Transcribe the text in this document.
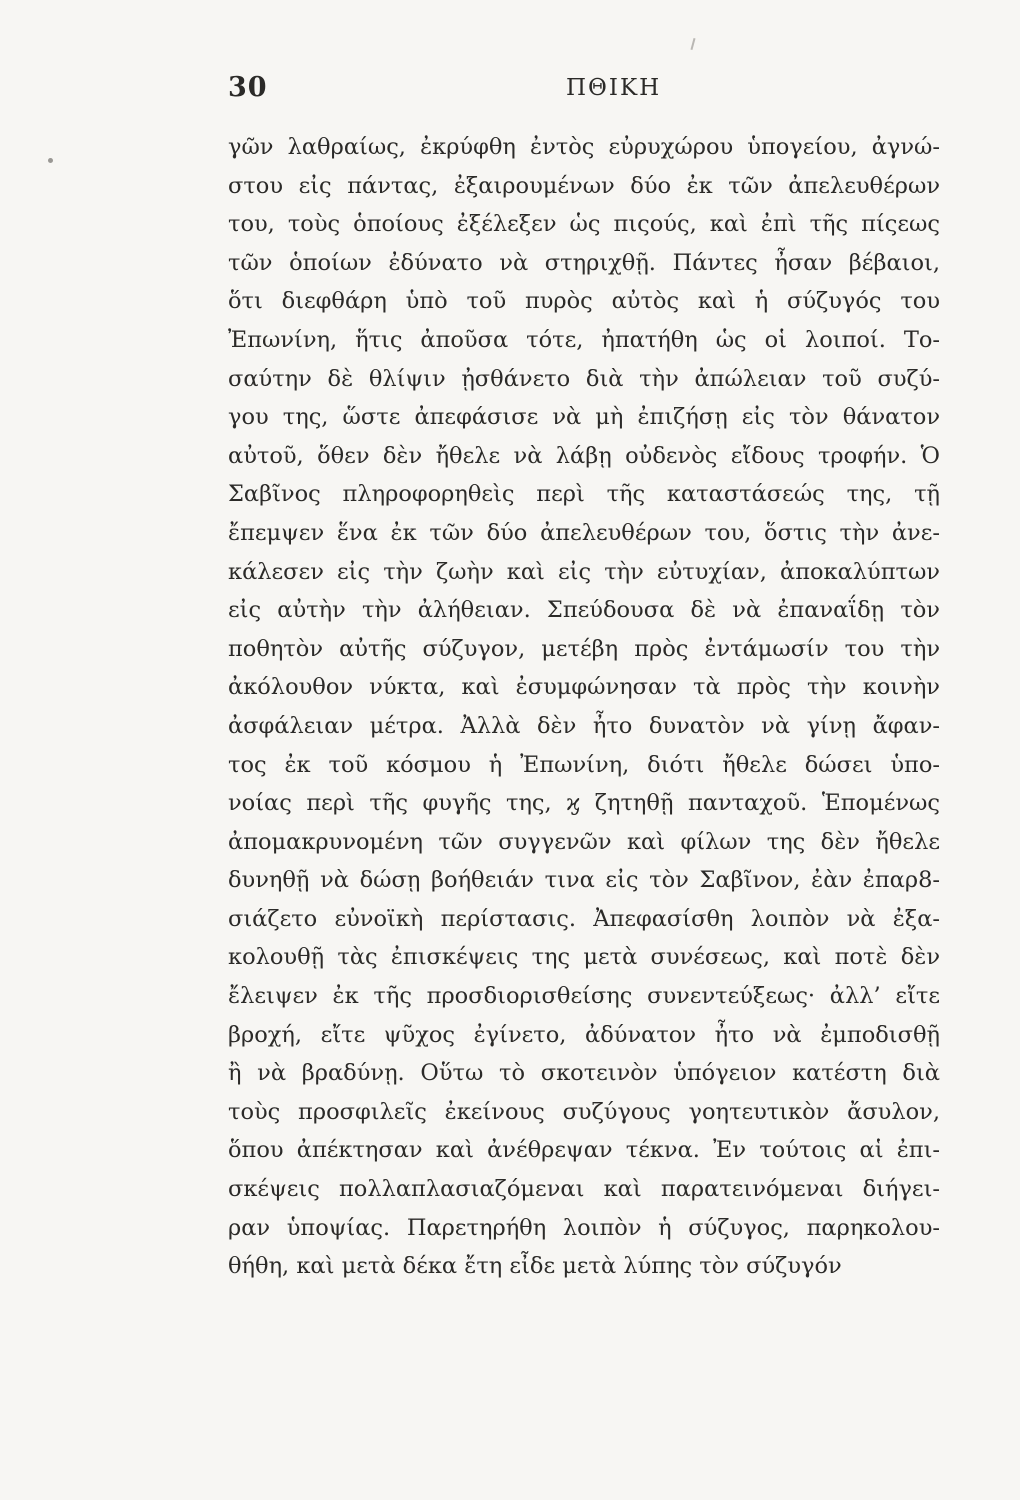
30	ΠΘΙΚΗ
γῶν λαθραίως, ἐκρύφθη ἐντὸς εὐρυχώρου ὑπογείου, ἀγνώ-
στου εἰς πάντας, ἐξαιρουμένων δύο ἐκ τῶν ἀπελευθέρων
του, τοὺς ὁποίους ἐξέλεξεν ὡς πιςούς, καὶ ἐπὶ τῆς πίςεως
τῶν ὁποίων ἐδύνατο νὰ στηριχθῇ. Πάντες ἦσαν βέβαιοι,
ὅτι διεφθάρη ὑπὸ τοῦ πυρὸς αὐτὸς καὶ ἡ σύζυγός του
Ἐπωνίνη, ἥτις ἀποῦσα τότε, ἠπατήθη ὡς οἱ λοιποί. Το-
σαύτην δὲ θλίψιν ᾐσθάνετο διὰ τὴν ἀπώλειαν τοῦ συζύ-
γου της, ὥστε ἀπεφάσισε νὰ μὴ ἐπιζήσῃ εἰς τὸν θάνατον
αὐτοῦ, ὅθεν δὲν ἤθελε νὰ λάβῃ οὐδενὸς εἴδους τροφήν. Ὁ
Σαβῖνος πληροφορηθεὶς περὶ τῆς καταστάσεώς της, τῇ
ἔπεμψεν ἕνα ἐκ τῶν δύο ἀπελευθέρων του, ὅστις τὴν ἀνε-
κάλεσεν εἰς τὴν ζωὴν καὶ εἰς τὴν εὐτυχίαν, ἀποκαλύπτων
εἰς αὐτὴν τὴν ἀλήθειαν. Σπεύδουσα δὲ νὰ ἐπαναΐδῃ τὸν
ποθητὸν αὐτῆς σύζυγον, μετέβη πρὸς ἐντάμωσίν του τὴν
ἀκόλουθον νύκτα, καὶ ἐσυμφώνησαν τὰ πρὸς τὴν κοινὴν
ἀσφάλειαν μέτρα. Ἀλλὰ δὲν ἦτο δυνατὸν νὰ γίνῃ ἄφαν-
τος ἐκ τοῦ κόσμου ἡ Ἐπωνίνη, διότι ἤθελε δώσει ὑπο-
νοίας περὶ τῆς φυγῆς της, ϗ ζητηθῇ πανταχοῦ. Ἑπομένως
ἀπομακρυνομένη τῶν συγγενῶν καὶ φίλων της δὲν ἤθελε
δυνηθῇ νὰ δώσῃ βοήθειάν τινα εἰς τὸν Σαβῖνον, ἐὰν ἐπαρ8-
σιάζετο εὐνοϊκὴ περίστασις. Ἀπεφασίσθη λοιπὸν νὰ ἐξα-
κολουθῇ τὰς ἐπισκέψεις της μετὰ συνέσεως, καὶ ποτὲ δὲν
ἔλειψεν ἐκ τῆς προσδιορισθείσης συνεντεύξεως· ἀλλ’ εἴτε
βροχή, εἴτε ψῦχος ἐγίνετο, ἀδύνατον ἦτο νὰ ἐμποδισθῇ
ἢ νὰ βραδύνῃ. Οὕτω τὸ σκοτεινὸν ὑπόγειον κατέστη διὰ
τοὺς προσφιλεῖς ἐκείνους συζύγους γοητευτικὸν ἄσυλον,
ὅπου ἀπέκτησαν καὶ ἀνέθρεψαν τέκνα. Ἐν τούτοις αἱ ἐπι-
σκέψεις πολλαπλασιαζόμεναι καὶ παρατεινόμεναι διήγει-
ραν ὑποψίας. Παρετηρήθη λοιπὸν ἡ σύζυγος, παρηκολου-
θήθη, καὶ μετὰ δέκα ἔτη εἶδε μετὰ λύπης τὸν σύζυγόν
